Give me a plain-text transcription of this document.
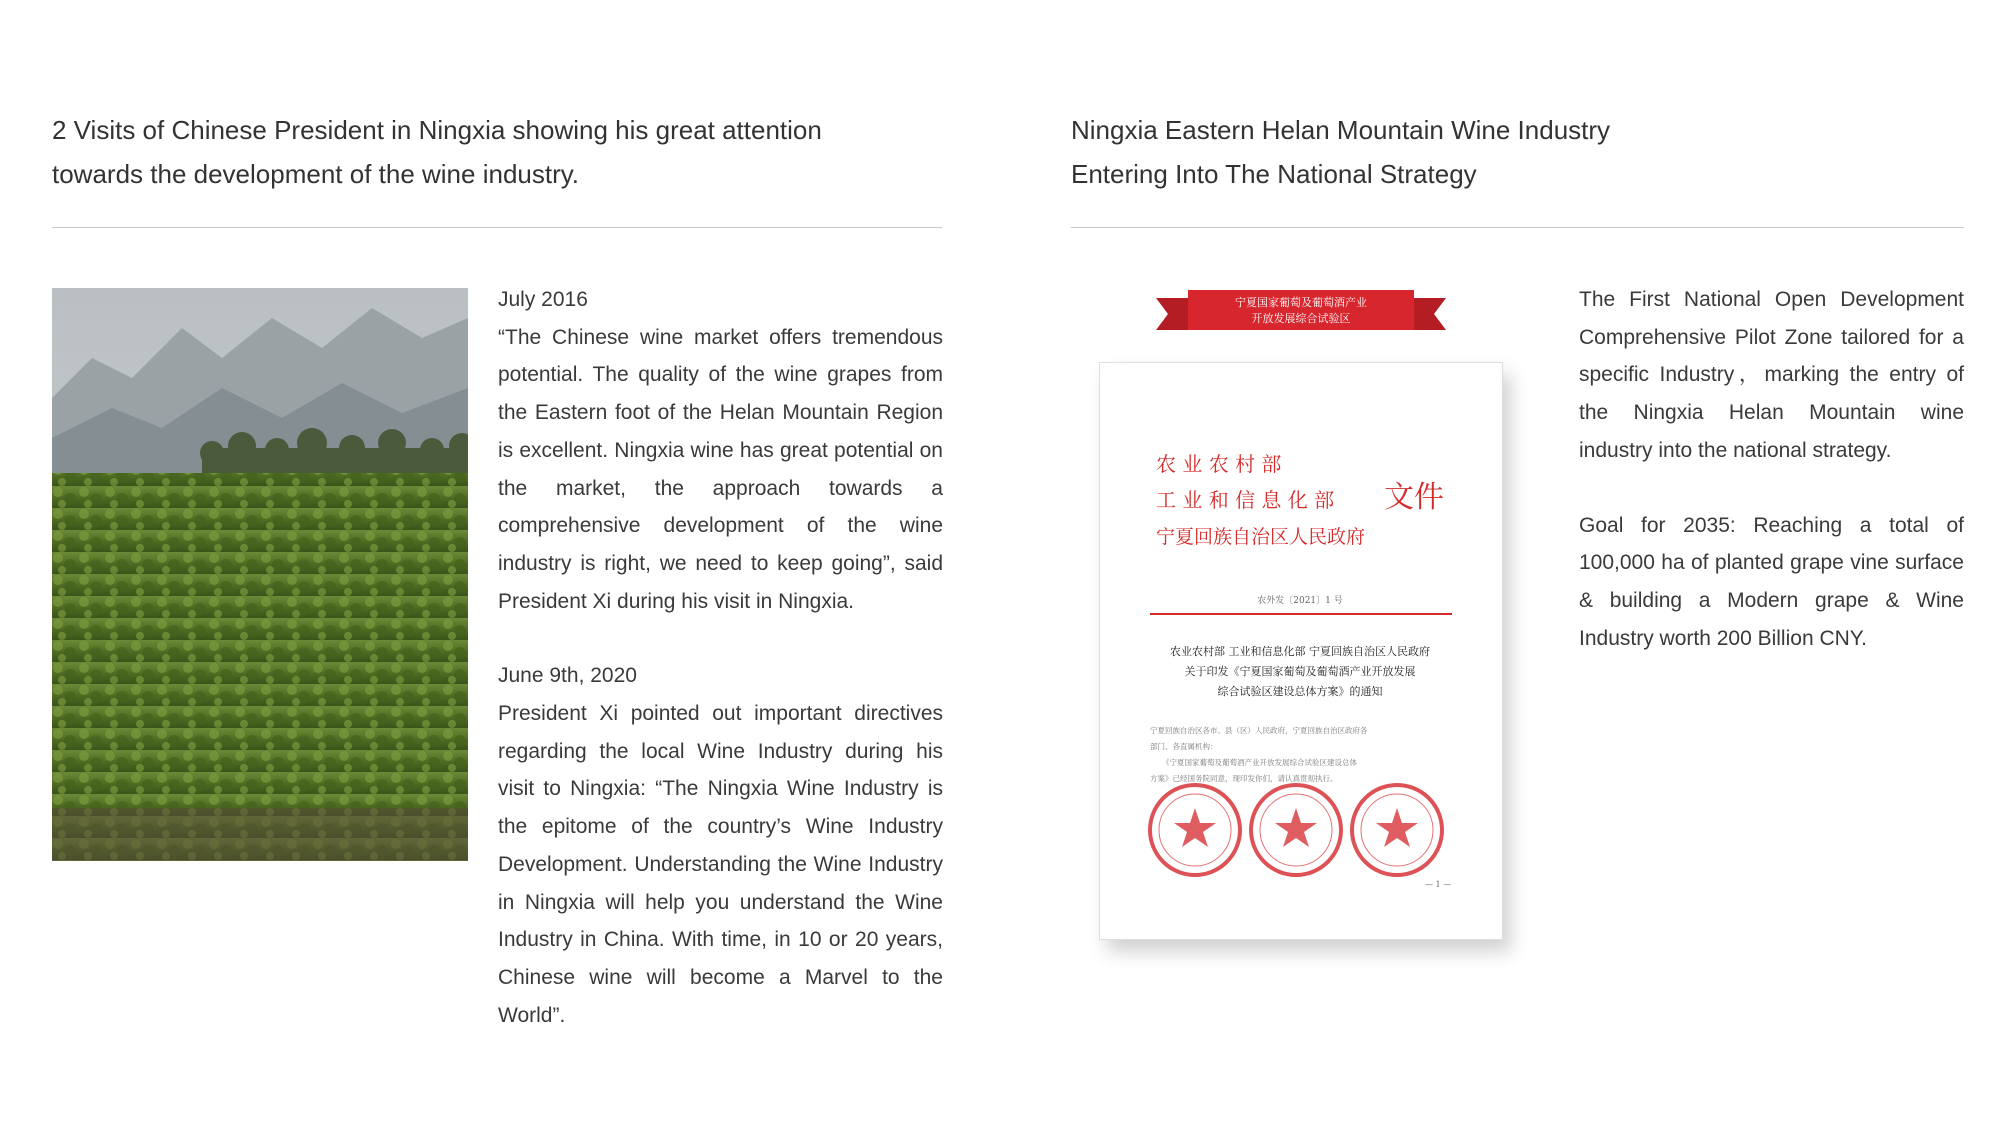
2 Visits of Chinese President in Ningxia showing his great attention
towards the development of the wine industry.

July 2016

“The Chinese wine market offers tremendous potential. The quality of the wine grapes from the Eastern foot of the Helan Mountain Region is excellent. Ningxia wine has great potential on the market, the approach towards a comprehensive development of the wine industry is right, we need to keep going”, said President Xi during his visit in Ningxia.

June 9th, 2020

President Xi pointed out important directives regarding the local Wine Industry during his visit to Ningxia: “The Ningxia Wine Industry is the epitome of the country’s Wine Industry Development. Understanding the Wine Industry in Ningxia will help you understand the Wine Industry in China. With time, in 10 or 20 years, Chinese wine will become a Marvel to the World”.

Ningxia Eastern Helan Mountain Wine Industry
Entering Into The National Strategy
宁夏国家葡萄及葡萄酒产业
开放发展综合试验区
农 业 农 村 部
工 业 和 信 息 化 部
宁夏回族自治区人民政府
文件
农外发〔2021〕1 号
农业农村部 工业和信息化部 宁夏回族自治区人民政府
关于印发《宁夏国家葡萄及葡萄酒产业开放发展
综合试验区建设总体方案》的通知
宁夏回族自治区各市、县（区）人民政府，宁夏回族自治区政府各
部门、各直属机构：
《宁夏国家葡萄及葡萄酒产业开放发展综合试验区建设总体
方案》已经国务院同意，现印发你们，请认真贯彻执行。
— 1 —

The First National Open Development Comprehensive Pilot Zone tailored for a specific Industry，marking the entry of the Ningxia Helan Mountain wine industry into the national strategy.

Goal for 2035: Reaching a total of 100,000 ha of planted grape vine surface & building a Modern grape & Wine Industry worth 200 Billion CNY.
